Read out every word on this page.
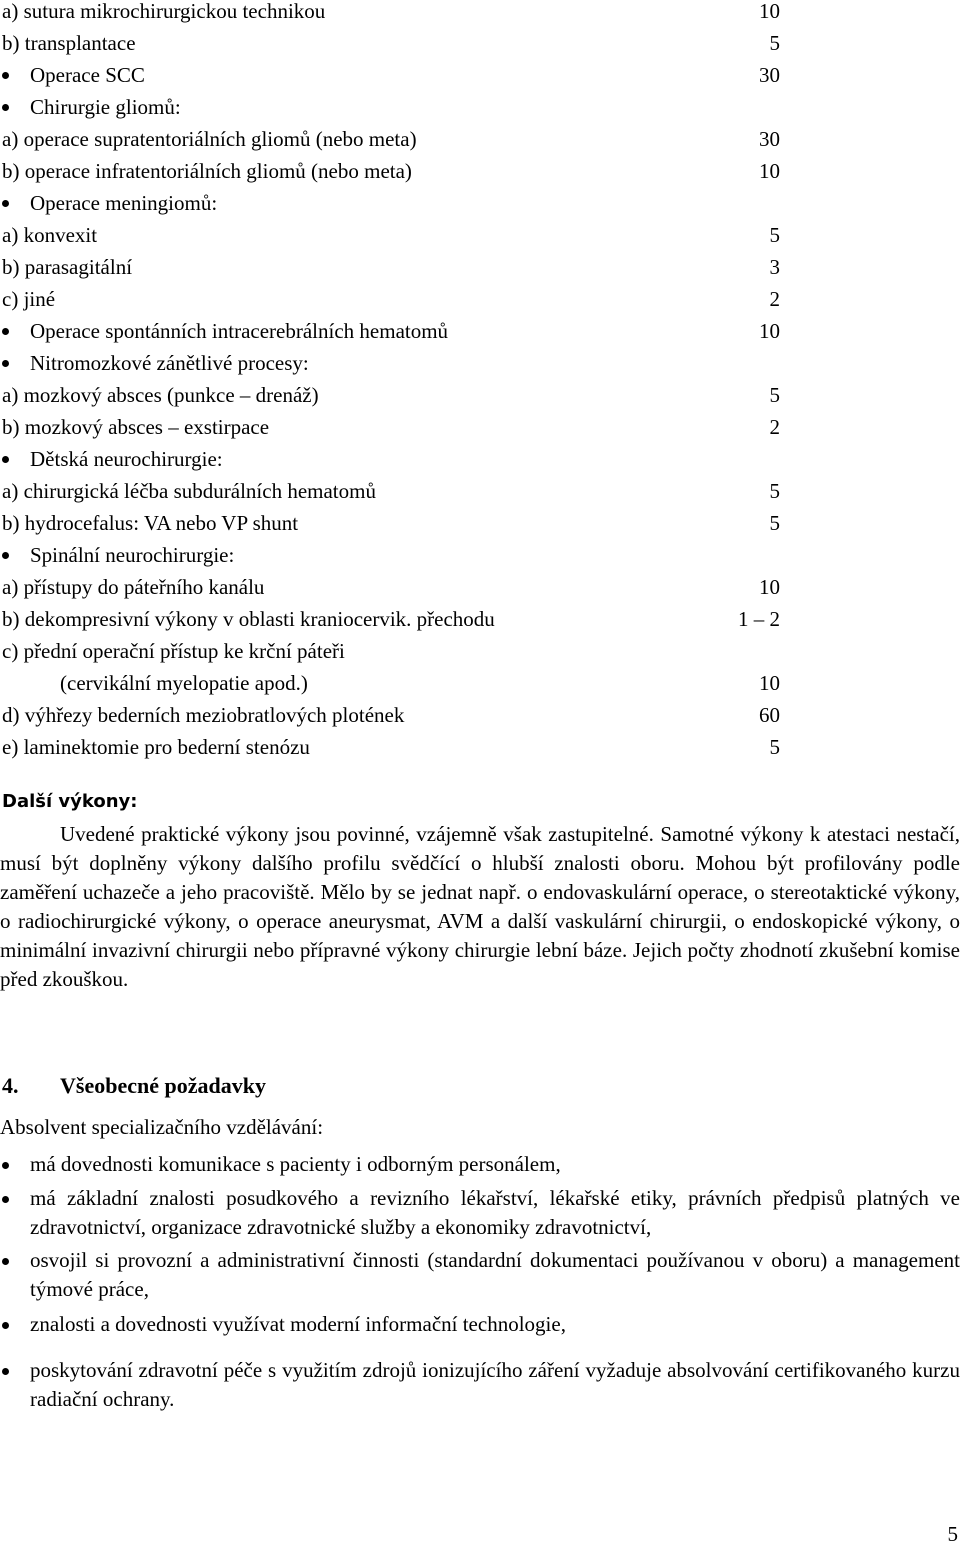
a) sutura mikrochirurgickou technikou	10
b) transplantace	5
Operace SCC	30
Chirurgie gliomů:
a) operace supratentoriálních gliomů (nebo meta)	30
b) operace infratentoriálních gliomů (nebo meta)	10
Operace meningiomů:
a) konvexit	5
b) parasagitální	3
c) jiné	2
Operace spontánních intracerebrálních hematomů	10
Nitromozkové zánětlivé procesy:
a) mozkový absces (punkce – drenáž)	5
b) mozkový absces – exstirpace	2
Dětská neurochirurgie:
a) chirurgická léčba subdurálních hematomů	5
b) hydrocefalus: VA nebo VP shunt	5
Spinální neurochirurgie:
a) přístupy do páteřního kanálu	10
b) dekompresivní výkony v oblasti kraniocervik. přechodu	1 – 2
c) přední operační přístup ke krční páteři
(cervikální myelopatie apod.)	10
d) výhřezy bederních meziobratlových plotének	60
e) laminektomie pro bederní stenózu	5
Další výkony:

Uvedené praktické výkony jsou povinné, vzájemně však zastupitelné. Samotné výkony k atestaci nestačí, musí být doplněny výkony dalšího profilu svědčící o hlubší znalosti oboru. Mohou být profilovány podle zaměření uchazeče a jeho pracoviště. Mělo by se jednat např. o endovaskulární operace, o stereotaktické výkony, o radiochirurgické výkony, o operace aneurysmat, AVM a další vaskulární chirurgii, o endoskopické výkony, o minimální invazivní chirurgii nebo přípravné výkony chirurgie lební báze. Jejich počty zhodnotí zkušební komise před zkouškou.

4. Všeobecné požadavky
Absolvent specializačního vzdělávání:

má dovednosti komunikace s pacienty i odborným personálem,

má základní znalosti posudkového a revizního lékařství, lékařské etiky, právních předpisů platných ve zdravotnictví, organizace zdravotnické služby a ekonomiky zdravotnictví,

osvojil si provozní a administrativní činnosti (standardní dokumentaci používanou v oboru) a management týmové práce,

znalosti a dovednosti využívat moderní informační technologie,

poskytování zdravotní péče s využitím zdrojů ionizujícího záření vyžaduje absolvování certifikovaného kurzu radiační ochrany.

5
